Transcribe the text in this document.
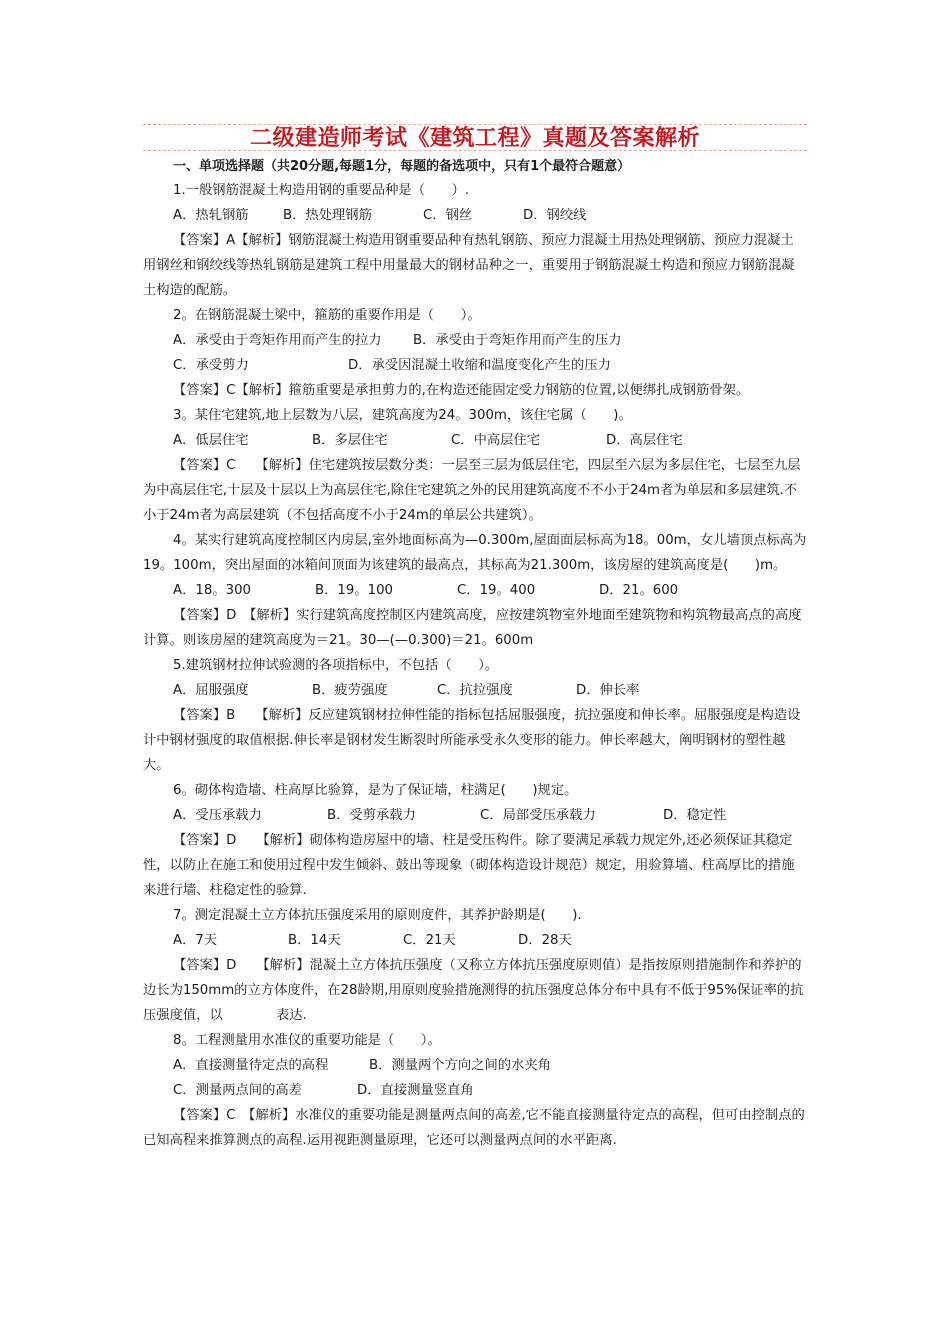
二级建造师考试《建筑工程》真题及答案解析
一、单项选择题（共20分题,每题1分，每题的备选项中，只有1个最符合题意）

1.一般钢筋混凝土构造用钢的重要品种是（　　）.

A．热轧钢筋	B．热处理钢筋	C．钢丝	D．钢绞线

【答案】A【解析】钢筋混凝土构造用钢重要品种有热轧钢筋、预应力混凝土用热处理钢筋、预应力混凝土用钢丝和钢绞线等热轧钢筋是建筑工程中用量最大的钢材品种之一，重要用于钢筋混凝土构造和预应力钢筋混凝土构造的配筋。

2。在钢筋混凝土梁中，箍筋的重要作用是（　　）。

A．承受由于弯矩作用而产生的拉力	B．承受由于弯矩作用而产生的压力
C．承受剪力	D．承受因混凝土收缩和温度变化产生的压力

【答案】C【解析】箍筋重要是承担剪力的,在构造还能固定受力钢筋的位置,以便绑扎成钢筋骨架。

3。某住宅建筑,地上层数为八层，建筑高度为24。300m，该住宅属（　　)。

A．低层住宅	B．多层住宅	C．中高层住宅	D．高层住宅

【答案】C　　【解析】住宅建筑按层数分类：一层至三层为低层住宅，四层至六层为多层住宅，七层至九层为中高层住宅,十层及十层以上为高层住宅,除住宅建筑之外的民用建筑高度不不小于24m者为单层和多层建筑.不小于24m者为高层建筑（不包括高度不小于24m的单层公共建筑）。

4。某实行建筑高度控制区内房层,室外地面标高为—0.300m,屋面面层标高为18。00m，女儿墙顶点标高为19。100m，突出屋面的冰箱间顶面为该建筑的最高点，其标高为21.300m，该房屋的建筑高度是(　　)m。

A．18。300	B．19。100	C．19。400	D．21。600

【答案】D　【解析】实行建筑高度控制区内建筑高度，应按建筑物室外地面至建筑物和构筑物最高点的高度计算。则该房屋的建筑高度为＝21。30—(—0.300)＝21。600m

5.建筑钢材拉伸试验测的各项指标中，不包括（　　）。

A．屈服强度	B．疲劳强度	C．抗拉强度	D．伸长率

【答案】B　　【解析】反应建筑钢材拉伸性能的指标包括屈服强度，抗拉强度和伸长率。屈服强度是构造设计中钢材强度的取值根据.伸长率是钢材发生断裂时所能承受永久变形的能力。伸长率越大，阐明钢材的塑性越大。

6。砌体构造墙、柱高厚比验算，是为了保证墙，柱满足(　　)规定。

A．受压承载力	B．受剪承载力	C．局部受压承载力	D．稳定性

【答案】D　　【解析】砌体构造房屋中的墙、柱是受压构件。除了要满足承载力规定外,还必须保证其稳定性，以防止在施工和使用过程中发生倾斜、鼓出等现象（砌体构造设计规范）规定，用验算墙、柱高厚比的措施来进行墙、柱稳定性的验算.

7。测定混凝土立方体抗压强度采用的原则度件，其养护龄期是(　　).

A．7天	B．14天	C．21天	D．28天

【答案】D　　【解析】混凝土立方体抗压强度（又称立方体抗压强度原则值）是指按原则措施制作和养护的边长为150mm的立方体度件，在28龄期,用原则度验措施测得的抗压强度总体分布中具有不低于95%保证率的抗压强度值，以　　　　表达.

8。工程测量用水准仪的重要功能是（　　）。

A．直接测量待定点的高程	B．测量两个方向之间的水夹角
C．测量两点间的高差	D．直接测量竖直角

【答案】C　【解析】水准仪的重要功能是测量两点间的高差,它不能直接测量待定点的高程，但可由控制点的已知高程来推算测点的高程.运用视距测量原理，它还可以测量两点间的水平距离.
